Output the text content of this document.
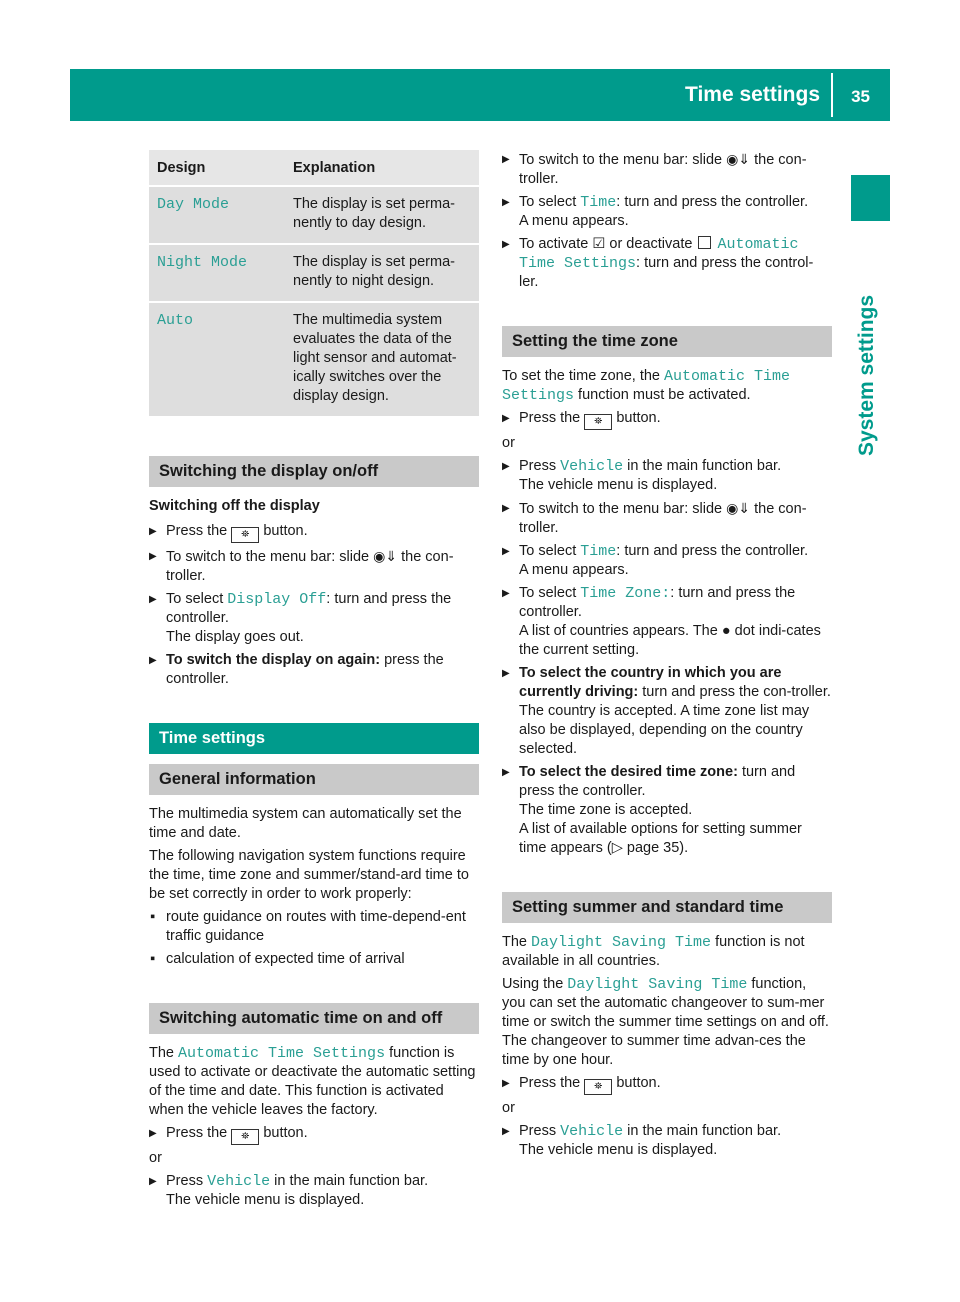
Time settings 35
System settings
Design	Explanation
Day Mode	The display is set perma-nently to day design.
Night Mode	The display is set perma-nently to night design.
Auto	The multimedia system evaluates the data of the light sensor and automat-ically switches over the display design.
Switching the display on/off

Switching off the display

▶ Press the ⛯ button.
▶ To switch to the menu bar: slide ◉⇓ the con-troller.
▶ To select Display Off: turn and press the controller.
The display goes out.
▶ To switch the display on again: press the controller.
Time settings
General information

The multimedia system can automatically set the time and date.

The following navigation system functions require the time, time zone and summer/stand-ard time to be set correctly in order to work properly:

▪ route guidance on routes with time-depend-ent traffic guidance
▪ calculation of expected time of arrival
Switching automatic time on and off

The Automatic Time Settings function is used to activate or deactivate the automatic setting of the time and date. This function is activated when the vehicle leaves the factory.

▶ Press the ⛯ button.

or

▶ Press Vehicle in the main function bar.
The vehicle menu is displayed.
▶ To switch to the menu bar: slide ◉⇓ the con-troller.
▶ To select Time: turn and press the controller.
A menu appears.
▶ To activate ☑ or deactivate Automatic Time Settings: turn and press the control-ler.
Setting the time zone

To set the time zone, the Automatic Time Settings function must be activated.

▶ Press the ⛯ button.

or

▶ Press Vehicle in the main function bar.
The vehicle menu is displayed.
▶ To switch to the menu bar: slide ◉⇓ the con-troller.
▶ To select Time: turn and press the controller.
A menu appears.
▶ To select Time Zone:: turn and press the controller.
A list of countries appears. The ● dot indi-cates the current setting.
▶ To select the country in which you are currently driving: turn and press the con-troller.
The country is accepted. A time zone list may also be displayed, depending on the country selected.
▶ To select the desired time zone: turn and press the controller.
The time zone is accepted.
A list of available options for setting summer time appears (▷ page 35).
Setting summer and standard time

The Daylight Saving Time function is not available in all countries.

Using the Daylight Saving Time function, you can set the automatic changeover to sum-mer time or switch the summer time settings on and off. The changeover to summer time advan-ces the time by one hour.

▶ Press the ⛯ button.

or

▶ Press Vehicle in the main function bar.
The vehicle menu is displayed.
